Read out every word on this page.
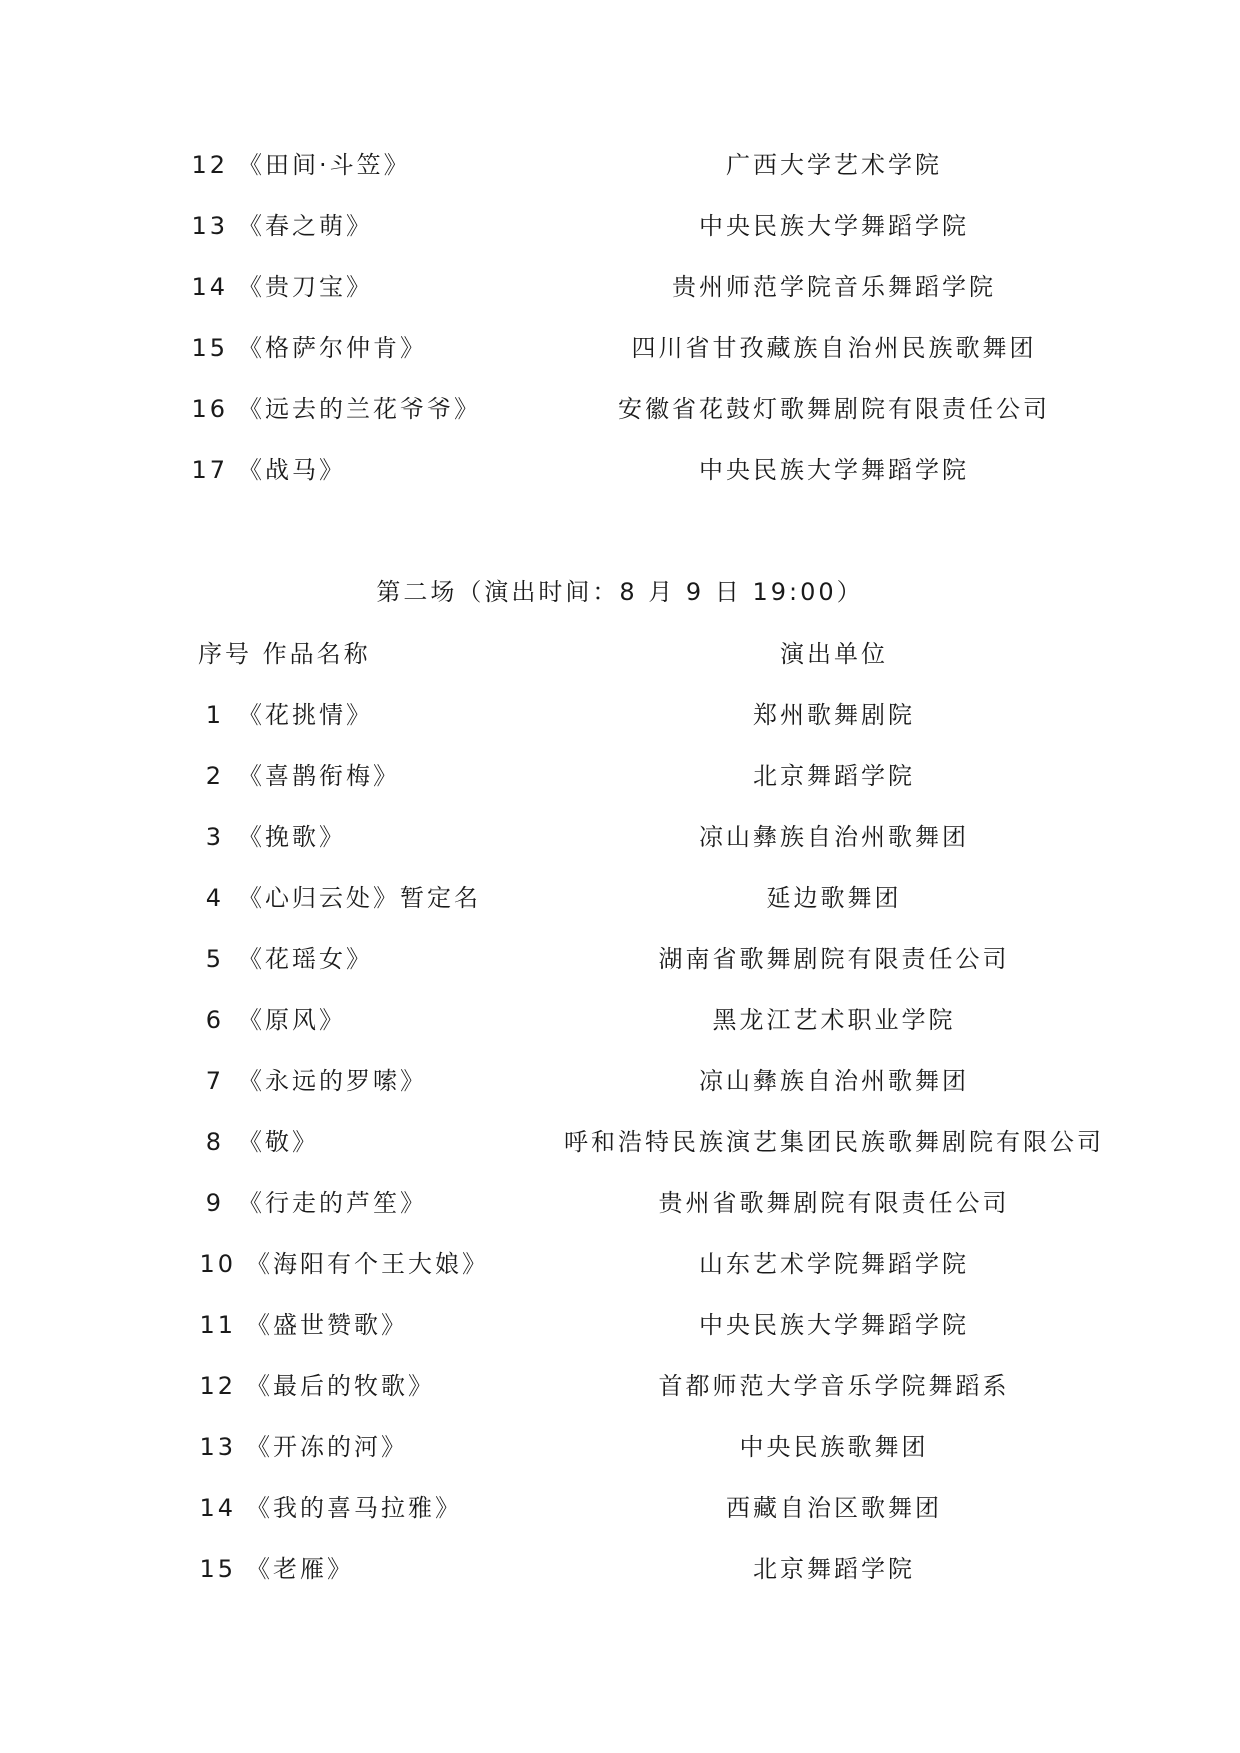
12 《田间·斗笠》	广西大学艺术学院
13 《春之萌》	中央民族大学舞蹈学院
14 《贵刀宝》	贵州师范学院音乐舞蹈学院
15 《格萨尔仲肯》	四川省甘孜藏族自治州民族歌舞团
16 《远去的兰花爷爷》	安徽省花鼓灯歌舞剧院有限责任公司
17 《战马》	中央民族大学舞蹈学院
第二场（演出时间：8 月 9 日 19:00）
序号 作品名称	演出单位
1 《花挑情》	郑州歌舞剧院
2 《喜鹊衔梅》	北京舞蹈学院
3 《挽歌》	凉山彝族自治州歌舞团
4 《心归云处》暂定名	延边歌舞团
5 《花瑶女》	湖南省歌舞剧院有限责任公司
6 《原风》	黑龙江艺术职业学院
7 《永远的罗嗦》	凉山彝族自治州歌舞团
8 《敬》	呼和浩特民族演艺集团民族歌舞剧院有限公司
9 《行走的芦笙》	贵州省歌舞剧院有限责任公司
10 《海阳有个王大娘》	山东艺术学院舞蹈学院
11 《盛世赞歌》	中央民族大学舞蹈学院
12 《最后的牧歌》	首都师范大学音乐学院舞蹈系
13 《开冻的河》	中央民族歌舞团
14 《我的喜马拉雅》	西藏自治区歌舞团
15 《老雁》	北京舞蹈学院
